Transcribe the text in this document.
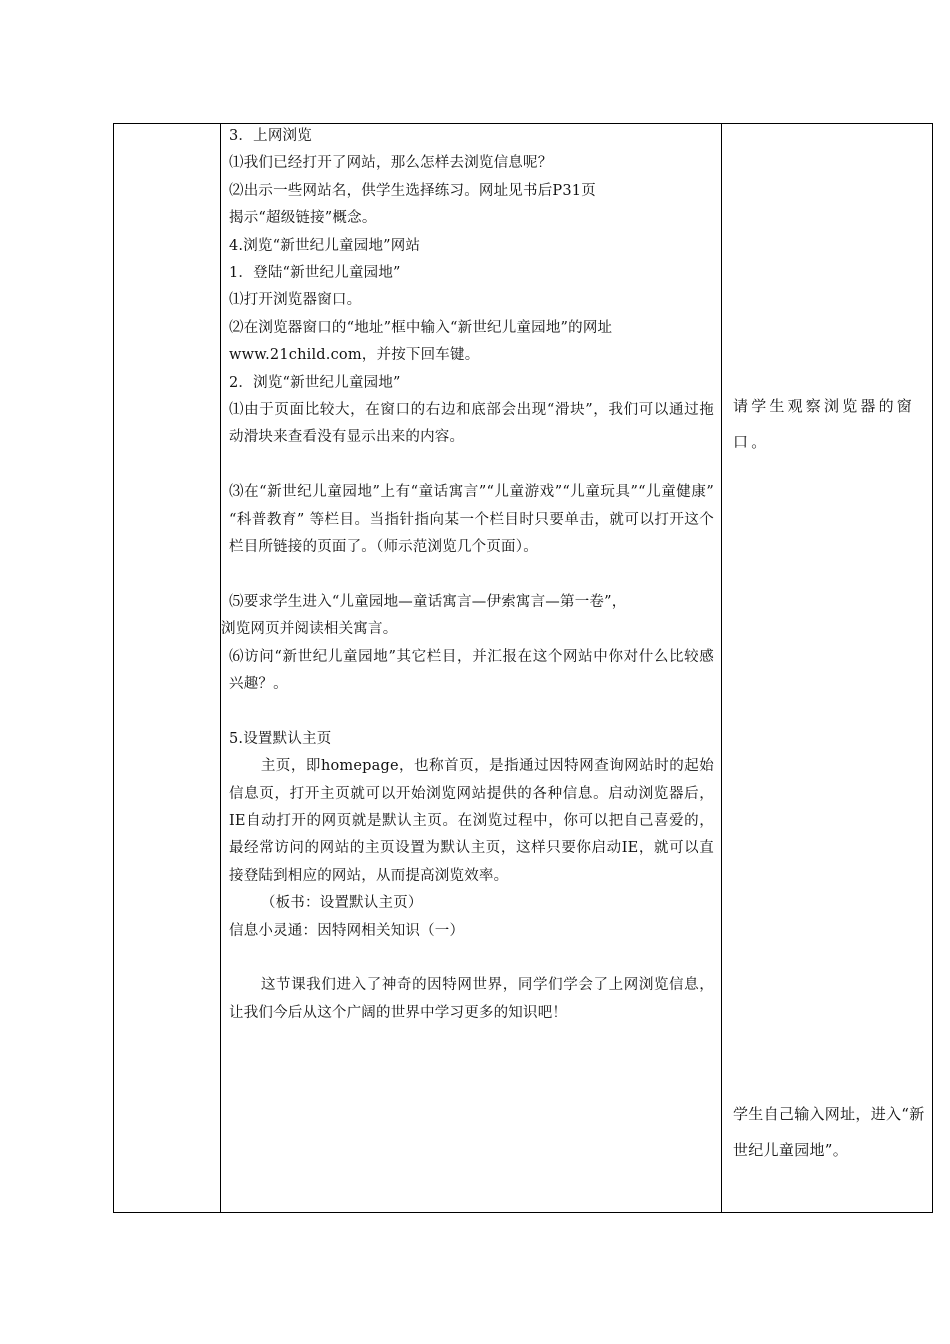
3．上网浏览
⑴我们已经打开了网站，那么怎样去浏览信息呢？
⑵出示一些网站名，供学生选择练习。网址见书后P31页
揭示“超级链接”概念。
4.浏览“新世纪儿童园地”网站
1．登陆“新世纪儿童园地”
⑴打开浏览器窗口。
⑵在浏览器窗口的“地址”框中输入“新世纪儿童园地”的网址
www.21child.com，并按下回车键。
2．浏览“新世纪儿童园地”
⑴由于页面比较大，在窗口的右边和底部会出现“滑块”，我们可以通过拖动滑块来查看没有显示出来的内容。
⑶在“新世纪儿童园地”上有“童话寓言”“儿童游戏”“儿童玩具”“儿童健康” “科普教育” 等栏目。当指针指向某一个栏目时只要单击，就可以打开这个栏目所链接的页面了。（师示范浏览几个页面）。
⑸要求学生进入“儿童园地—童话寓言—伊索寓言—第一卷”，
浏览网页并阅读相关寓言。
⑹访问“新世纪儿童园地”其它栏目，并汇报在这个网站中你对什么比较感兴趣？。
5.设置默认主页
主页，即homepage，也称首页，是指通过因特网查询网站时的起始信息页，打开主页就可以开始浏览网站提供的各种信息。启动浏览器后，IE自动打开的网页就是默认主页。在浏览过程中，你可以把自己喜爱的，最经常访问的网站的主页设置为默认主页，这样只要你启动IE，就可以直接登陆到相应的网站，从而提高浏览效率。
（板书：设置默认主页）
信息小灵通：因特网相关知识（一）
这节课我们进入了神奇的因特网世界，同学们学会了上网浏览信息，让我们今后从这个广阔的世界中学习更多的知识吧！
请学生观察浏览器的窗口。
学生自己输入网址，进入“新世纪儿童园地”。
